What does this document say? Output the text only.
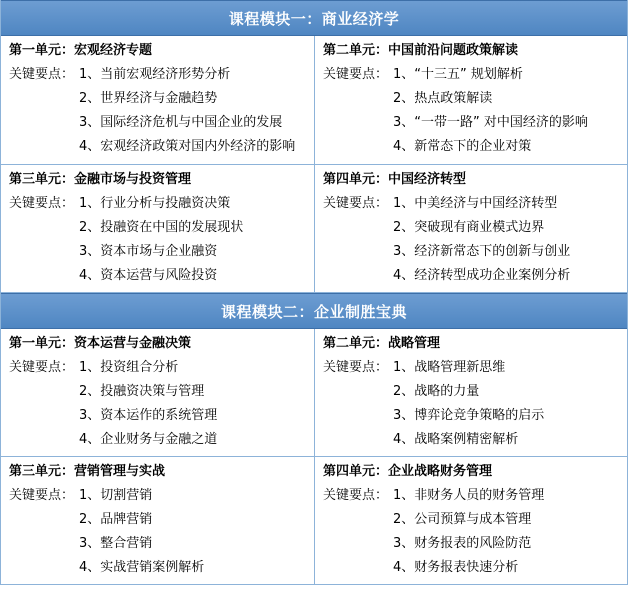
课程模块一：商业经济学
第一单元：宏观经济专题
关键要点： 1、当前宏观经济形势分析
2、世界经济与金融趋势
3、国际经济危机与中国企业的发展
4、宏观经济政策对国内外经济的影响
第二单元：中国前沿问题政策解读
关键要点： 1、“十三五” 规划解析
2、热点政策解读
3、“一带一路” 对中国经济的影响
4、新常态下的企业对策
第三单元：金融市场与投资管理
关键要点： 1、行业分析与投融资决策
2、投融资在中国的发展现状
3、资本市场与企业融资
4、资本运营与风险投资
第四单元：中国经济转型
关键要点： 1、中美经济与中国经济转型
2、突破现有商业模式边界
3、经济新常态下的创新与创业
4、经济转型成功企业案例分析
课程模块二：企业制胜宝典
第一单元：资本运营与金融决策
关键要点： 1、投资组合分析
2、投融资决策与管理
3、资本运作的系统管理
4、企业财务与金融之道
第二单元：战略管理
关键要点： 1、战略管理新思维
2、战略的力量
3、博弈论竞争策略的启示
4、战略案例精密解析
第三单元：营销管理与实战
关键要点： 1、切割营销
2、品牌营销
3、整合营销
4、实战营销案例解析
第四单元：企业战略财务管理
关键要点： 1、非财务人员的财务管理
2、公司预算与成本管理
3、财务报表的风险防范
4、财务报表快速分析
